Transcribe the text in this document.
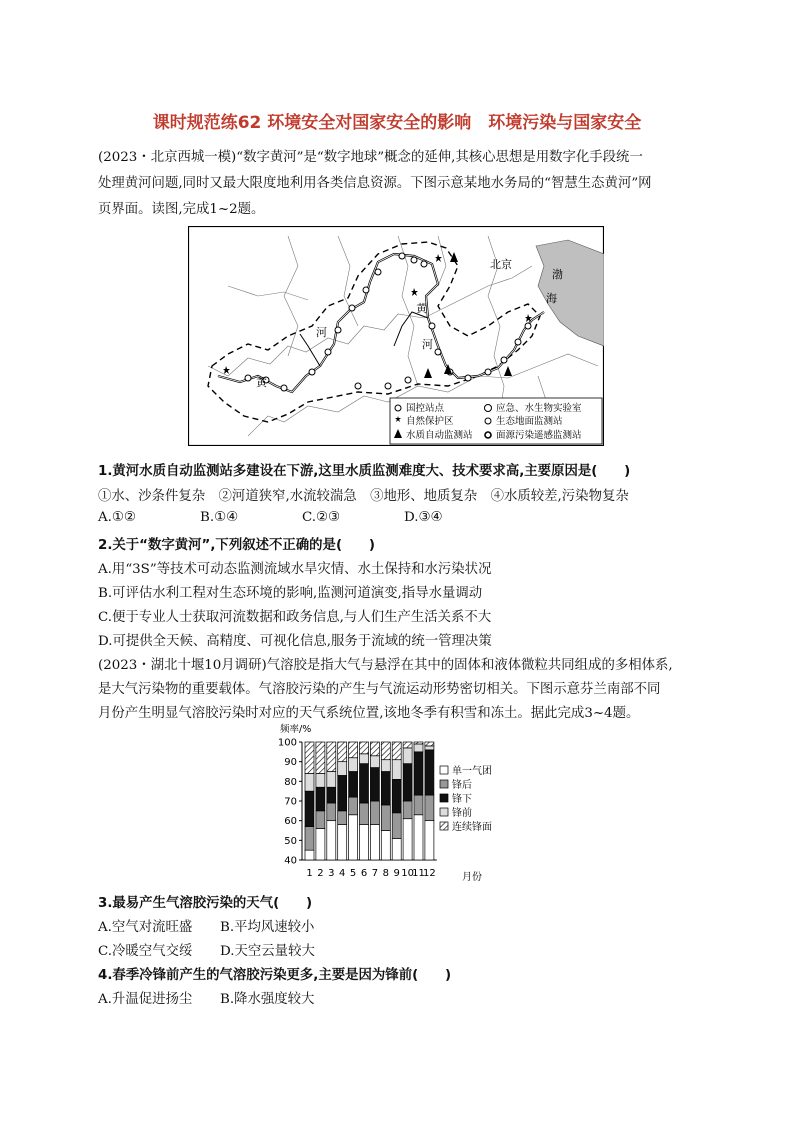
课时规范练62 环境安全对国家安全的影响　环境污染与国家安全
(2023・北京西城一模)“数字黄河”是“数字地球”概念的延伸,其核心思想是用数字化手段统一
处理黄河问题,同时又最大限度地利用各类信息资源。下图示意某地水务局的“智慧生态黄河”网
页界面。读图,完成1~2题。
北京
渤
海
黄
河
黄
河
国控站点	应急、水生物实验室
自然保护区	生态地面监测站
水质自动监测站 面源污染遥感监测站
1.黄河水质自动监测站多建设在下游,这里水质监测难度大、技术要求高,主要原因是(　　)
①水、沙条件复杂　②河道狭窄,水流较湍急　③地形、地质复杂　④水质较差,污染物复杂
A.①②	B.①④	C.②③	D.③④
2.关于“数字黄河”,下列叙述不正确的是(　　)
A.用“3S”等技术可动态监测流域水旱灾情、水土保持和水污染状况
B.可评估水利工程对生态环境的影响,监测河道演变,指导水量调动
C.便于专业人士获取河流数据和政务信息,与人们生产生活关系不大
D.可提供全天候、高精度、可视化信息,服务于流域的统一管理决策
(2023・湖北十堰10月调研)气溶胶是指大气与悬浮在其中的固体和液体微粒共同组成的多相体系,
是大气污染物的重要载体。气溶胶污染的产生与气流运动形势密切相关。下图示意芬兰南部不同
月份产生明显气溶胶污染时对应的天气系统位置,该地冬季有积雪和冻土。据此完成3~4题。
频率/%
40
50
60
70
80
90
100
1 2 3 4 5 6 7 8 9 10
11
12	月份
单一气团
锋后
锋下
锋前
连续锋面
3.最易产生气溶胶污染的天气(　　)
A.空气对流旺盛 B.平均风速较小
C.冷暖空气交绥 D.天空云量较大
4.春季冷锋前产生的气溶胶污染更多,主要是因为锋前(　　)
A.升温促进扬尘 B.降水强度较大
